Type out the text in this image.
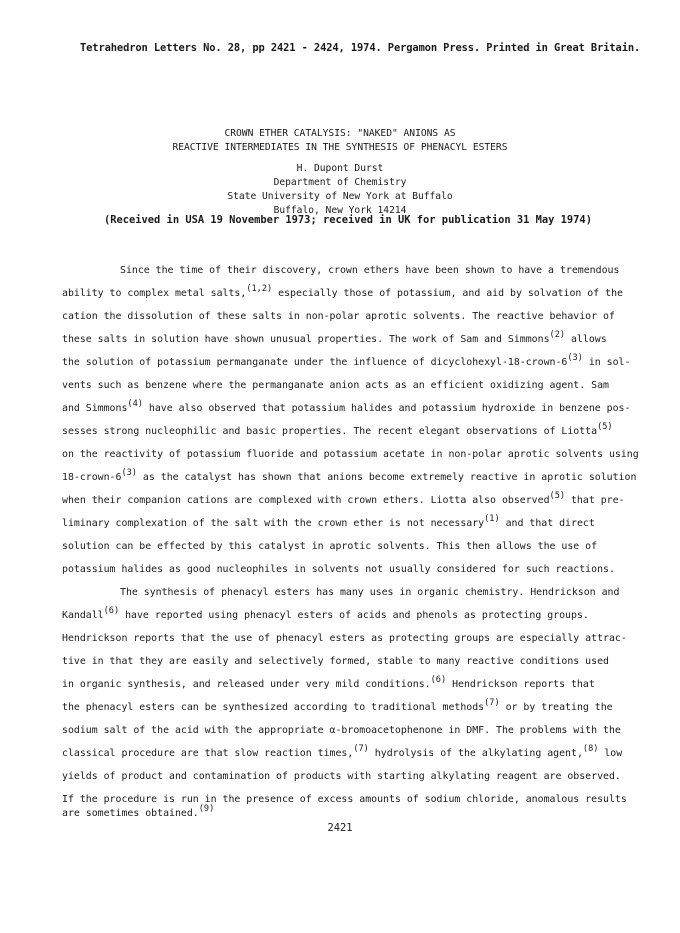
Tetrahedron Letters No. 28, pp 2421 - 2424, 1974. Pergamon Press. Printed in Great Britain.
CROWN ETHER CATALYSIS: "NAKED" ANIONS AS
REACTIVE INTERMEDIATES IN THE SYNTHESIS OF PHENACYL ESTERS
H. Dupont Durst
Department of Chemistry
State University of New York at Buffalo
Buffalo, New York 14214
(Received in USA 19 November 1973; received in UK for publication 31 May 1974)
Since the time of their discovery, crown ethers have been shown to have a tremendous
ability to complex metal salts,$^{(1,2)}$ especially those of potassium, and aid by solvation of the
cation the dissolution of these salts in non-polar aprotic solvents. The reactive behavior of
these salts in solution have shown unusual properties. The work of Sam and Simmons$^{(2)}$ allows
the solution of potassium permanganate under the influence of dicyclohexyl-18-crown-6$^{(3)}$ in sol-
vents such as benzene where the permanganate anion acts as an efficient oxidizing agent. Sam
and Simmons$^{(4)}$ have also observed that potassium halides and potassium hydroxide in benzene pos-
sesses strong nucleophilic and basic properties. The recent elegant observations of Liotta$^{(5)}$
on the reactivity of potassium fluoride and potassium acetate in non-polar aprotic solvents using
18-crown-6$^{(3)}$ as the catalyst has shown that anions become extremely reactive in aprotic solution
when their companion cations are complexed with crown ethers. Liotta also observed$^{(5)}$ that pre-
liminary complexation of the salt with the crown ether is not necessary$^{(1)}$ and that direct
solution can be effected by this catalyst in aprotic solvents. This then allows the use of
potassium halides as good nucleophiles in solvents not usually considered for such reactions.
The synthesis of phenacyl esters has many uses in organic chemistry. Hendrickson and
Kandall$^{(6)}$ have reported using phenacyl esters of acids and phenols as protecting groups.
Hendrickson reports that the use of phenacyl esters as protecting groups are especially attrac-
tive in that they are easily and selectively formed, stable to many reactive conditions used
in organic synthesis, and released under very mild conditions.$^{(6)}$ Hendrickson reports that
the phenacyl esters can be synthesized according to traditional methods$^{(7)}$ or by treating the
sodium salt of the acid with the appropriate α-bromoacetophenone in DMF. The problems with the
classical procedure are that slow reaction times,$^{(7)}$ hydrolysis of the alkylating agent,$^{(8)}$ low
yields of product and contamination of products with starting alkylating reagent are observed.
If the procedure is run in the presence of excess amounts of sodium chloride, anomalous results
are sometimes obtained.$^{(9)}$
2421
